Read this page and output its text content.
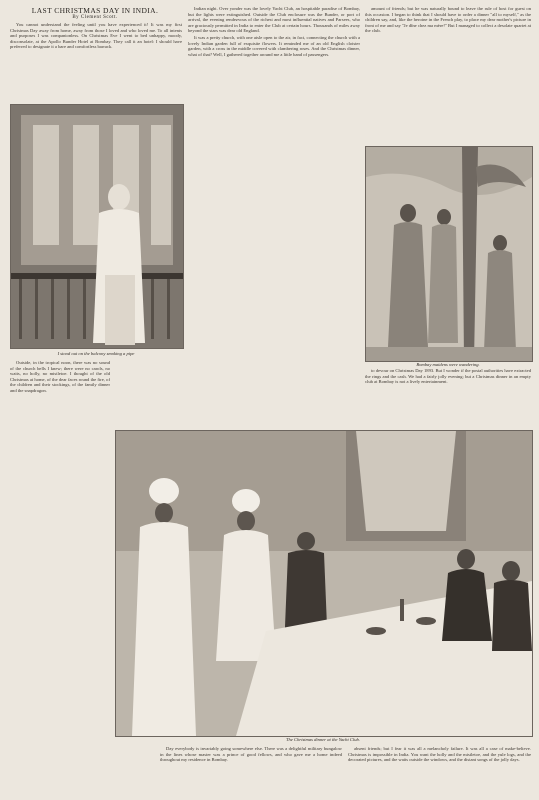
LAST CHRISTMAS DAY IN INDIA.
By Clement Scott.

You cannot understand the feeling until you have experienced it! It was my first Christmas Day away from home, away from those I loved and who loved me. To all intents and purposes I was companionless. On Christmas Eve I went to bed unhappy, moody, disconsolate, at the Apollo Bunder Hotel at Bombay. They call it an hotel: I should have preferred to designate it a bare and comfortless barrack.

Indian night. Over yonder was the lovely Yacht Club, an hospitable paradise of Bombay, but the lights were extinguished. Outside the Club enclosure was the Bunder, or port of arrival, the evening rendezvous of the richest and most influential natives and Parsees, who are graciously permitted in India to enter the Club at certain hours. Thousands of miles away beyond the stars was dear old England.

It was a pretty church, with one aisle open to the air, in fact, connecting the church with a lovely Indian garden full of exquisite flowers. It reminded me of an old English cloister garden, with a cross in the middle covered with clambering roses. And the Christmas dinner, what of that? Well, I gathered together around me a little band of passengers.

amount of friends; but he was naturally bound to leave the rule of host for guest on this occasion. I began to think that I should have to order a dinner "all to myself," as the children say, and, like the heroine in the French play, to place my dear mother's picture in front of me and say "Je dîne chez ma mère!" But I managed to collect a desolate quartet at the club.

to devour on Christmas Day 1893. But I wonder if the postal authorities have extracted the rings and the cash. We had a fairly jolly evening; but a Christmas dinner in an empty club at Bombay is not a lively entertainment.

Outside, in the tropical noon, there was no sound of the church bells I knew; there were no carols, no waits, no holly, no mistletoe. I thought of the old Christmas at home, of the dear faces round the fire, of the children and their stockings, of the family dinner and the snapdragon.

Day everybody is invariably going somewhere else. There was a delightful military bungalow in the lines whose master was a prince of good fellows, and who gave me a home indeed throughout my residence in Bombay.

absent friends; but I fear it was all a melancholy failure. It was all a case of make-believe. Christmas is impossible in India. You want the holly and the mistletoe, and the yule logs, and the decorated pictures, and the waits outside the windows, and the distant songs of the jolly days.

I stood out on the balcony smoking a pipe
Bombay maidens were wandering.
The Christmas dinner at the Yacht Club.
